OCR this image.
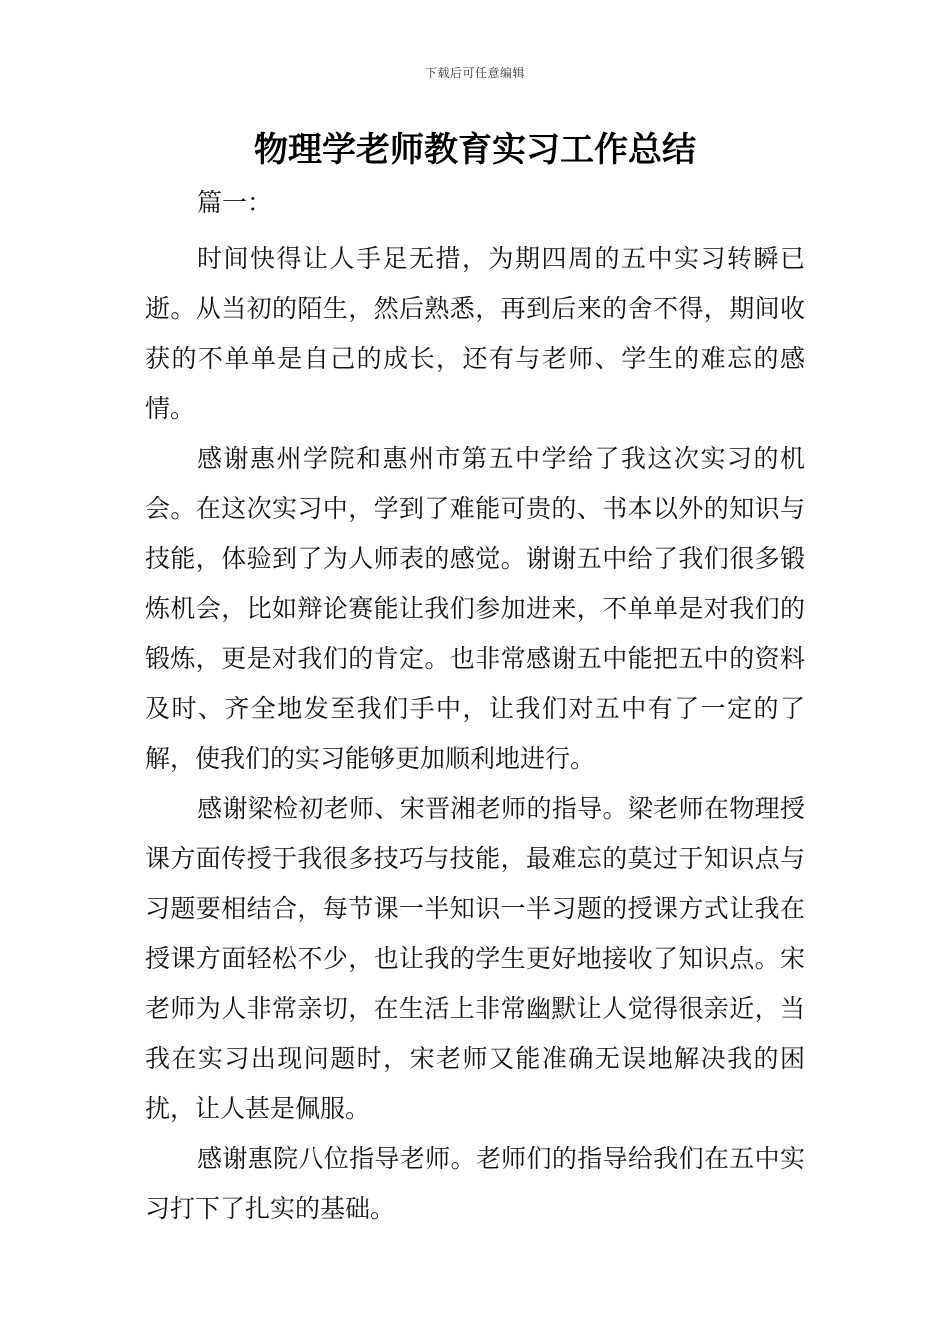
下载后可任意编辑
物理学老师教育实习工作总结

篇一：

时间快得让人手足无措，为期四周的五中实习转瞬已逝。从当初的陌生，然后熟悉，再到后来的舍不得，期间收获的不单单是自己的成长，还有与老师、学生的难忘的感情。

感谢惠州学院和惠州市第五中学给了我这次实习的机会。在这次实习中，学到了难能可贵的、书本以外的知识与技能，体验到了为人师表的感觉。谢谢五中给了我们很多锻炼机会，比如辩论赛能让我们参加进来，不单单是对我们的锻炼，更是对我们的肯定。也非常感谢五中能把五中的资料及时、齐全地发至我们手中，让我们对五中有了一定的了解，使我们的实习能够更加顺利地进行。

感谢梁检初老师、宋晋湘老师的指导。梁老师在物理授课方面传授于我很多技巧与技能，最难忘的莫过于知识点与习题要相结合，每节课一半知识一半习题的授课方式让我在授课方面轻松不少，也让我的学生更好地接收了知识点。宋老师为人非常亲切，在生活上非常幽默让人觉得很亲近，当我在实习出现问题时，宋老师又能准确无误地解决我的困扰，让人甚是佩服。

感谢惠院八位指导老师。老师们的指导给我们在五中实习打下了扎实的基础。
